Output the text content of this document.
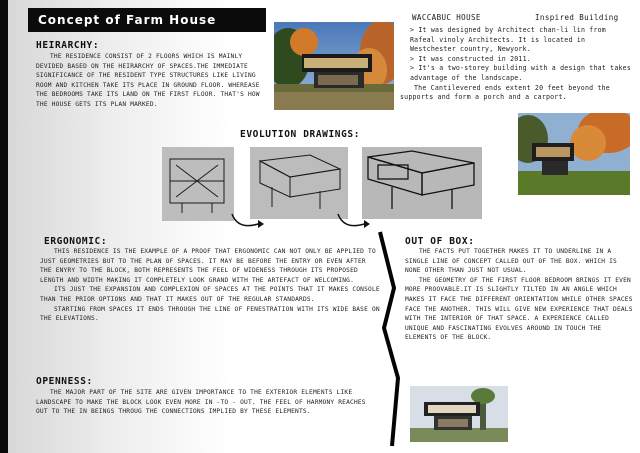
Concept of Farm House
HEIRARCHY:

THE RESIDENCE CONSIST OF 2 FLOORS WHICH IS MAINLY DEVIDED BASED ON THE HEIRARCHY OF SPACES.THE IMMEDIATE SIGNIFICANCE OF THE RESIDENT TYPE STRUCTURES LIKE LIVING ROOM AND KITCHEN TAKE ITS PLACE IN GROUND FLOOR. WHEREASE THE BEDROOMS TAKE ITS LAND ON THE FIRST FLOOR. THAT'S HOW THE HOUSE GETS ITS PLAN MARKED.

WACCABUC HOUSE	Inspired Building

> It was designed by Architect chan-li lin from Rafeal vinoly Architects. It is located in Westchester country, Newyork.

> It was constructed in 2011.

> It's a two-storey building with a design that takes advantage of the landscape.

The Cantilevered ends extent 20 feet beyond the supports and form a porch and a carport.

EVOLUTION DRAWINGS:
ERGONOMIC:

THIS RESIDENCE IS THE EXAMPLE OF A PROOF THAT ERGONOMIC CAN NOT ONLY BE APPLIED TO JUST GEOMETRIES BUT TO THE PLAN OF SPACES. IT MAY BE BEFORE THE ENTRY OR EVEN AFTER THE ENYRY TO THE BLOCK, BOTH REPRESENTS THE FEEL OF WIDENESS THROUGH ITS PROPOSED LENGTH AND WIDTH MAKING IT COMPLETELY LOOK GRAND WITH THE ARTEFACT OF WELCOMING.

ITS JUST THE EXPANSION AND COMPLEXION OF SPACES AT THE POINTS THAT IT MAKES CONSOLE THAN THE PRIOR OPTIONS AND THAT IT MAKES OUT OF THE REGULAR STANDARDS.

STARTING FROM SPACES IT ENDS THROUGH THE LINE OF FENESTRATION WITH ITS WIDE BASE ON THE ELEVATIONS.

OPENNESS:

THE MAJOR PART OF THE SITE ARE GIVEN IMPORTANCE TO THE EXTERIOR ELEMENTS LIKE LANDSCAPE TO MAKE THE BLOCK LOOK EVEN MORE IN -TO - OUT. THE FEEL OF HARMONY REACHES OUT TO THE IN BEINGS THROUG THE CONNECTIONS IMPLIED BY THESE ELEMENTS.

OUT OF BOX:

THE FACTS PUT TOGETHER MAKES IT TO UNDERLINE IN A SINGLE LINE OF CONCEPT CALLED OUT OF THE BOX. WHICH IS NONE OTHER THAN JUST NOT USUAL.

THE GEOMETRY OF THE FIRST FLOOR BEDROOM BRINGS IT EVEN MORE PROOVABLE.IT IS SLIGHTLY TILTED IN AN ANGLE WHICH MAKES IT FACE THE DIFFERENT ORIENTATION WHILE OTHER SPACES FACE THE ANOTHER. THIS WILL GIVE NEW EXPERIENCE THAT DEALS WITH THE INTERIOR OF THAT SPACE. A EXPERIENCE CALLED UNIQUE AND FASCINATING EVOLVES AROUND IN TOUCH THE ELEMENTS OF THE BLOCK.
